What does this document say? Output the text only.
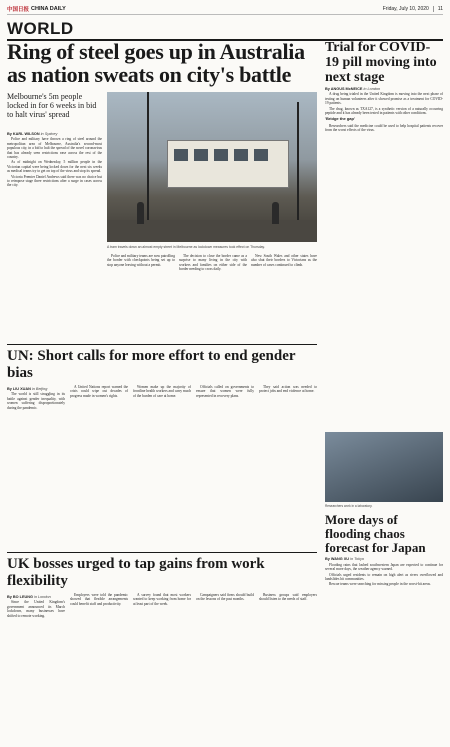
中国日报 CHINA DAILY	Friday, July 10, 2020 11
WORLD
Ring of steel goes up in Australia as nation sweats on city's battle
Melbourne's 5m people locked in for 6 weeks in bid to halt virus' spread
By KARL WILSON in Sydney

Police and military have thrown a ring of steel around the metropolitan area of Melbourne, Australia's second-most populous city, in a bid to halt the spread of the novel coronavirus that has already seen restrictions ease across the rest of the country.

As of midnight on Wednesday, 5 million people in the Victorian capital were being locked down for the next six weeks as medical teams try to get on top of the virus and stop its spread.

Victoria Premier Daniel Andrews said there was no choice but to reimpose stage three restrictions after a surge in cases across the city.

A tram travels down an almost empty street in Melbourne as lockdown measures took effect on Thursday.

Police and military teams are now patrolling the border with checkpoints being set up to stop anyone leaving without a permit.

The decision to close the border came as a surprise to many living in the city with workers and families on either side of the border needing to cross daily.

New South Wales and other states have also shut their borders to Victorians as the number of cases continued to climb.

Trial for COVID-19 pill moving into next stage
By ANGUS McNEICE in London

A drug being trialed in the United Kingdom is moving into the next phase of testing on human volunteers after it showed promise as a treatment for COVID-19 patients.

The drug, known as TXA127, is a synthetic version of a naturally occurring peptide and it has already been tested in patients with other conditions.

'Bridge the gap'

Researchers said the medicine could be used to help hospital patients recover from the worst effects of the virus.

Researchers work in a laboratory.
More days of flooding chaos forecast for Japan
By WANG XU in Tokyo

Flooding rains that lashed southwestern Japan are expected to continue for several more days, the weather agency warned.

Officials urged residents to remain on high alert as rivers overflowed and landslides hit communities.

Rescue teams were searching for missing people in the worst-hit areas.

UN: Short calls for more effort to end gender bias
By LIU XUAN in Beijing

The world is still struggling in its battle against gender inequality, with women suffering disproportionately during the pandemic.

A United Nations report warned the crisis could wipe out decades of progress made in women's rights.

Women make up the majority of frontline health workers and carry much of the burden of care at home.

Officials called on governments to ensure that women were fully represented in recovery plans.

They said action was needed to protect jobs and end violence at home.

UK bosses urged to tap gains from work flexibility
By BO LEUNG in London

Since the United Kingdom's government announced its March lockdown, many businesses have shifted to remote working.

Employers were told the pandemic showed that flexible arrangements could benefit staff and productivity.

A survey found that most workers wanted to keep working from home for at least part of the week.

Campaigners said firms should build on the lessons of the past months.

Business groups said employers should listen to the needs of staff.
